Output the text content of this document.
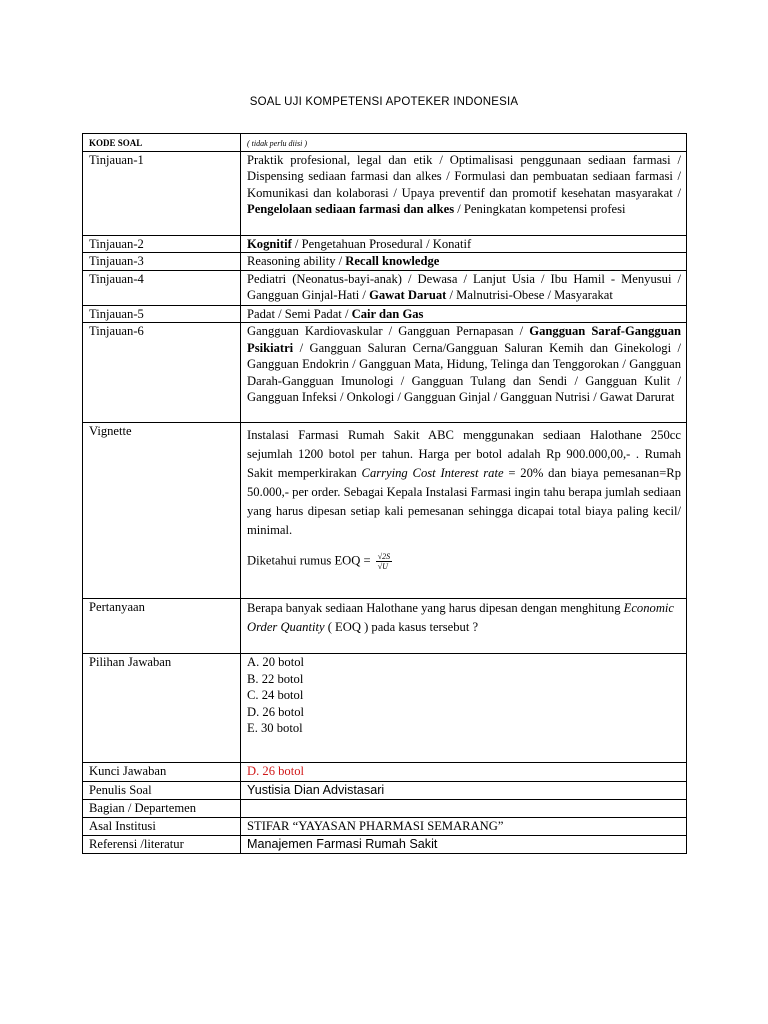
SOAL UJI KOMPETENSI APOTEKER INDONESIA
KODE SOAL	( tidak perlu diisi )
Tinjauan-1	Praktik profesional, legal dan etik / Optimalisasi penggunaan sediaan farmasi / Dispensing sediaan farmasi dan alkes / Formulasi dan pembuatan sediaan farmasi / Komunikasi dan kolaborasi / Upaya preventif dan promotif kesehatan masyarakat / Pengelolaan sediaan farmasi dan alkes / Peningkatan kompetensi profesi
Tinjauan-2	Kognitif / Pengetahuan Prosedural / Konatif
Tinjauan-3	Reasoning ability / Recall knowledge
Tinjauan-4	Pediatri (Neonatus-bayi-anak) / Dewasa / Lanjut Usia / Ibu Hamil - Menyusui / Gangguan Ginjal-Hati / Gawat Daruat / Malnutrisi-Obese / Masyarakat
Tinjauan-5	Padat / Semi Padat / Cair dan Gas
Tinjauan-6	Gangguan Kardiovaskular / Gangguan Pernapasan / Gangguan Saraf-Gangguan Psikiatri / Gangguan Saluran Cerna/Gangguan Saluran Kemih dan Ginekologi / Gangguan Endokrin / Gangguan Mata, Hidung, Telinga dan Tenggorokan / Gangguan Darah-Gangguan Imunologi / Gangguan Tulang dan Sendi / Gangguan Kulit / Gangguan Infeksi / Onkologi / Gangguan Ginjal / Gangguan Nutrisi / Gawat Darurat
Vignette	Instalasi Farmasi Rumah Sakit ABC menggunakan sediaan Halothane 250cc sejumlah 1200 botol per tahun. Harga per botol adalah Rp 900.000,00,- . Rumah Sakit memperkirakan Carrying Cost Interest rate = 20% dan biaya pemesanan=Rp 50.000,- per order. Sebagai Kepala Instalasi Farmasi ingin tahu berapa jumlah sediaan yang harus dipesan setiap kali pemesanan sehingga dicapai total biaya paling kecil/ minimal.
Diketahui rumus EOQ = $\frac{√2S}{√U}$

Pertanyaan	Berapa banyak sediaan Halothane yang harus dipesan dengan menghitung Economic Order Quantity ( EOQ ) pada kasus tersebut ?
Pilihan Jawaban	A. 20 botol
B. 22 botol
C. 24 botol
D. 26 botol
E. 30 botol

Kunci Jawaban	D. 26 botol
Penulis Soal	Yustisia Dian Advistasari
Bagian / Departemen	
Asal Institusi	STIFAR “YAYASAN PHARMASI SEMARANG”
Referensi /literatur	Manajemen Farmasi Rumah Sakit
